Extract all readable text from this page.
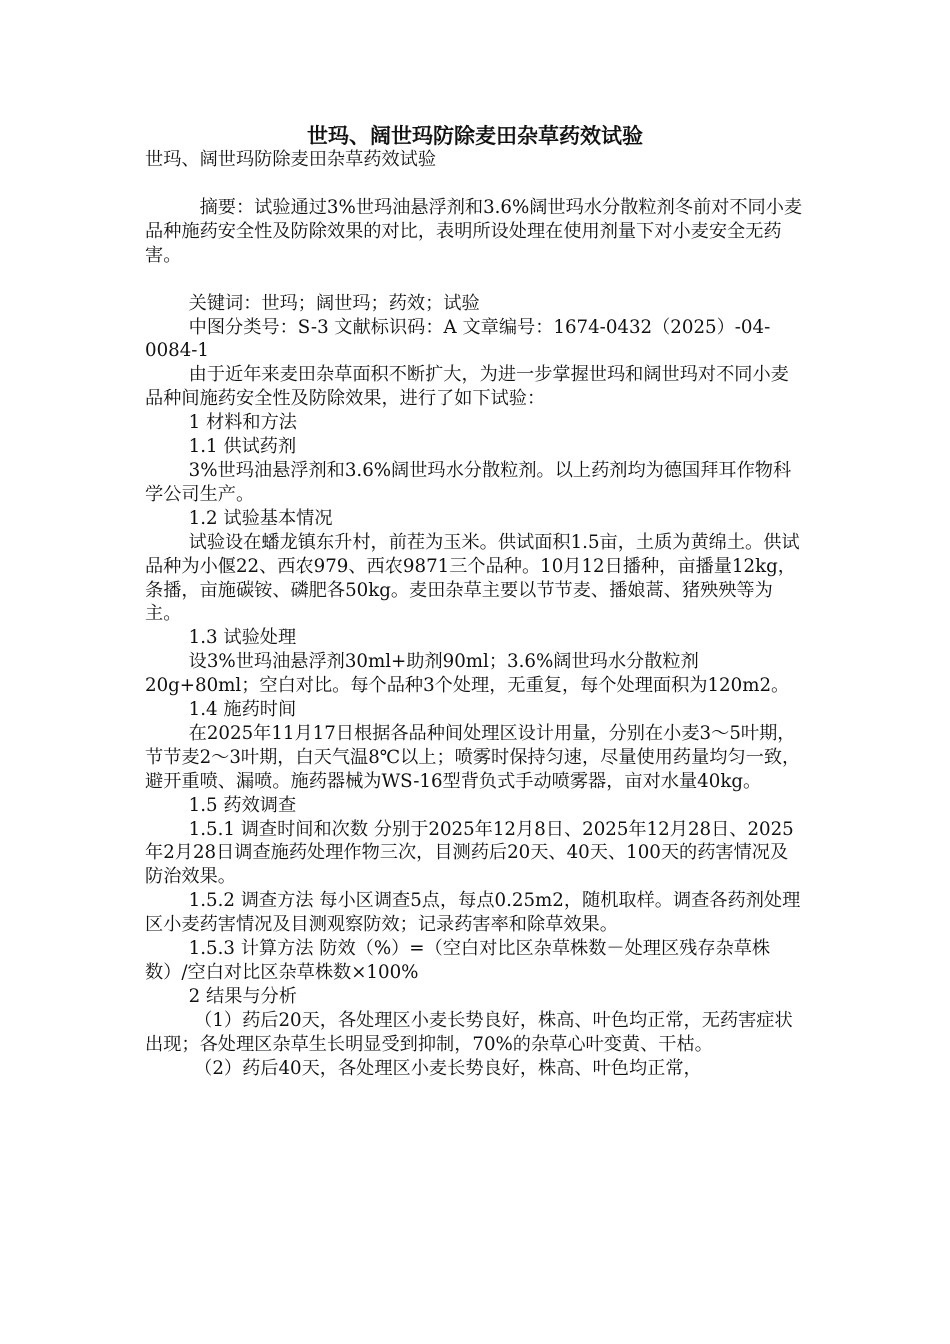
世玛、阔世玛防除麦田杂草药效试验

世玛、阔世玛防除麦田杂草药效试验

摘要：试验通过3%世玛油悬浮剂和3.6%阔世玛水分散粒剂冬前对不同小麦品种施药安全性及防除效果的对比，表明所设处理在使用剂量下对小麦安全无药害。

关键词：世玛；阔世玛；药效；试验

中图分类号：S-3 文献标识码：A 文章编号：1674-0432（2025）-04-0084-1

由于近年来麦田杂草面积不断扩大，为进一步掌握世玛和阔世玛对不同小麦品种间施药安全性及防除效果，进行了如下试验：

1 材料和方法

1.1 供试药剂

3%世玛油悬浮剂和3.6%阔世玛水分散粒剂。以上药剂均为德国拜耳作物科学公司生产。

1.2 试验基本情况

试验设在蟠龙镇东升村，前茬为玉米。供试面积1.5亩，土质为黄绵土。供试品种为小偃22、西农979、西农9871三个品种。10月12日播种，亩播量12kg，条播，亩施碳铵、磷肥各50kg。麦田杂草主要以节节麦、播娘蒿、猪殃殃等为主。

1.3 试验处理

设3%世玛油悬浮剂30ml+助剂90ml；3.6%阔世玛水分散粒剂20g+80ml；空白对比。每个品种3个处理，无重复，每个处理面积为120m2。

1.4 施药时间

在2025年11月17日根据各品种间处理区设计用量，分别在小麦3～5叶期，节节麦2～3叶期，白天气温8℃以上；喷雾时保持匀速，尽量使用药量均匀一致，避开重喷、漏喷。施药器械为WS-16型背负式手动喷雾器，亩对水量40kg。

1.5 药效调查

1.5.1 调查时间和次数 分别于2025年12月8日、2025年12月28日、2025年2月28日调查施药处理作物三次，目测药后20天、40天、100天的药害情况及防治效果。

1.5.2 调查方法 每小区调查5点，每点0.25m2，随机取样。调查各药剂处理区小麦药害情况及目测观察防效；记录药害率和除草效果。

1.5.3 计算方法 防效（%）=（空白对比区杂草株数－处理区残存杂草株数）/空白对比区杂草株数×100%

2 结果与分析

（1）药后20天，各处理区小麦长势良好，株高、叶色均正常，无药害症状出现；各处理区杂草生长明显受到抑制，70%的杂草心叶变黄、干枯。

（2）药后40天，各处理区小麦长势良好，株高、叶色均正常，
